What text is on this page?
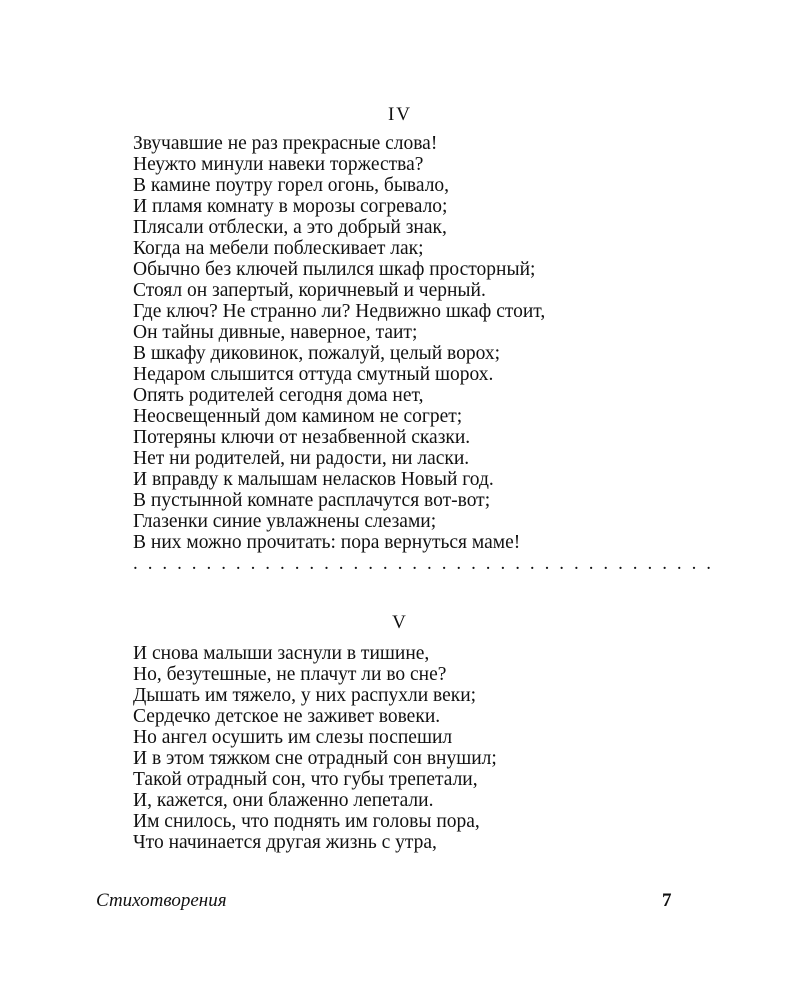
IV
Звучавшие не раз прекрасные слова!
Неужто минули навеки торжества?
В камине поутру горел огонь, бывало,
И пламя комнату в морозы согревало;
Плясали отблески, а это добрый знак,
Когда на мебели поблескивает лак;
Обычно без ключей пылился шкаф просторный;
Стоял он запертый, коричневый и черный.
Где ключ? Не странно ли? Недвижно шкаф стоит,
Он тайны дивные, наверное, таит;
В шкафу диковинок, пожалуй, целый ворох;
Недаром слышится оттуда смутный шорох.
Опять родителей сегодня дома нет,
Неосвещенный дом камином не согрет;
Потеряны ключи от незабвенной сказки.
Нет ни родителей, ни радости, ни ласки.
И вправду к малышам неласков Новый год.
В пустынной комнате расплачутся вот-вот;
Глазенки синие увлажнены слезами;
В них можно прочитать: пора вернуться маме!
. . . . . . . . . . . . . . . . . . . . . . . . . . . . . . . . . . . . . . . .
V
И снова малыши заснули в тишине,
Но, безутешные, не плачут ли во сне?
Дышать им тяжело, у них распухли веки;
Сердечко детское не заживет вовеки.
Но ангел осушить им слезы поспешил
И в этом тяжком сне отрадный сон внушил;
Такой отрадный сон, что губы трепетали,
И, кажется, они блаженно лепетали.
Им снилось, что поднять им головы пора,
Что начинается другая жизнь с утра,
Стихотворения	7
